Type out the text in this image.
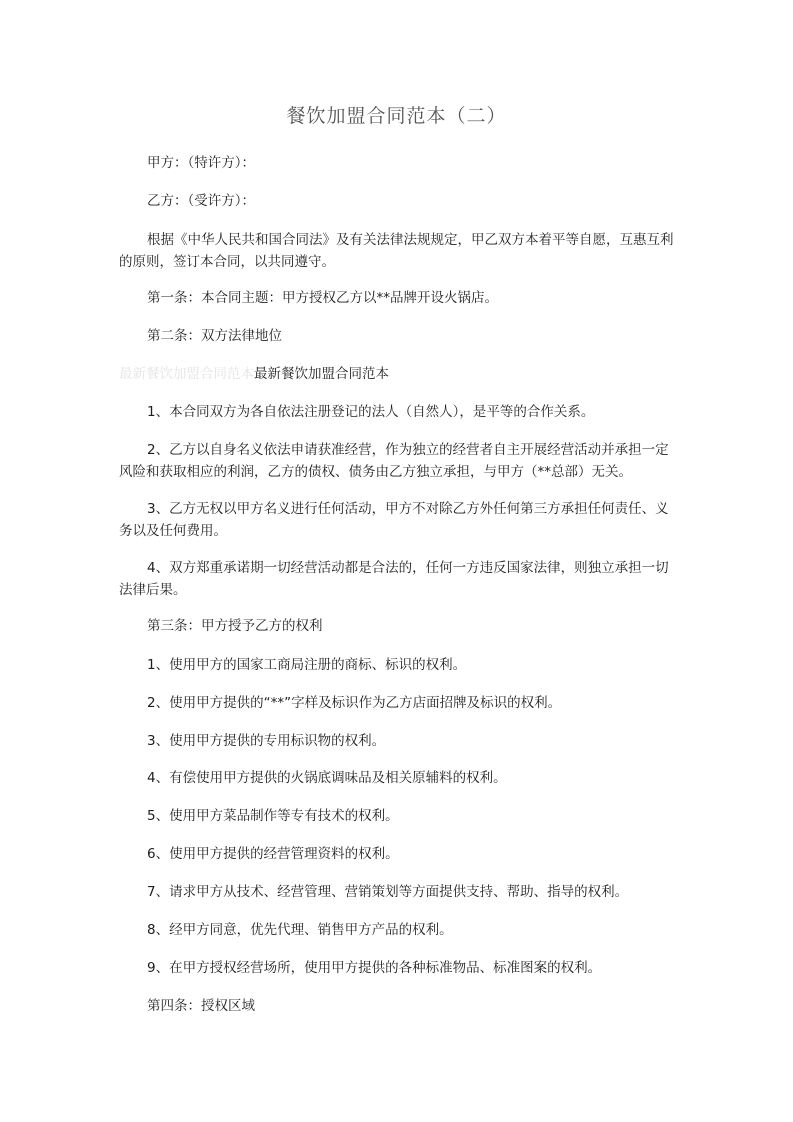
餐饮加盟合同范本（二）
甲方：（特许方）：
乙方：（受许方）：
根据《中华人民共和国合同法》及有关法律法规规定，甲乙双方本着平等自愿，互惠互利的原则，签订本合同，以共同遵守。
第一条：本合同主题：甲方授权乙方以**品牌开设火锅店。
第二条：双方法律地位
最新餐饮加盟合同范本最新餐饮加盟合同范本
1、本合同双方为各自依法注册登记的法人（自然人），是平等的合作关系。
2、乙方以自身名义依法申请获准经营，作为独立的经营者自主开展经营活动并承担一定风险和获取相应的利润，乙方的债权、债务由乙方独立承担，与甲方（**总部）无关。
3、乙方无权以甲方名义进行任何活动，甲方不对除乙方外任何第三方承担任何责任、义务以及任何费用。
4、双方郑重承诺期一切经营活动都是合法的，任何一方违反国家法律，则独立承担一切法律后果。
第三条：甲方授予乙方的权利
1、使用甲方的国家工商局注册的商标、标识的权利。
2、使用甲方提供的“**”字样及标识作为乙方店面招牌及标识的权利。
3、使用甲方提供的专用标识物的权利。
4、有偿使用甲方提供的火锅底调味品及相关原辅料的权利。
5、使用甲方菜品制作等专有技术的权利。
6、使用甲方提供的经营管理资料的权利。
7、请求甲方从技术、经营管理、营销策划等方面提供支持、帮助、指导的权利。
8、经甲方同意，优先代理、销售甲方产品的权利。
9、在甲方授权经营场所，使用甲方提供的各种标准物品、标准图案的权利。
第四条：授权区域
